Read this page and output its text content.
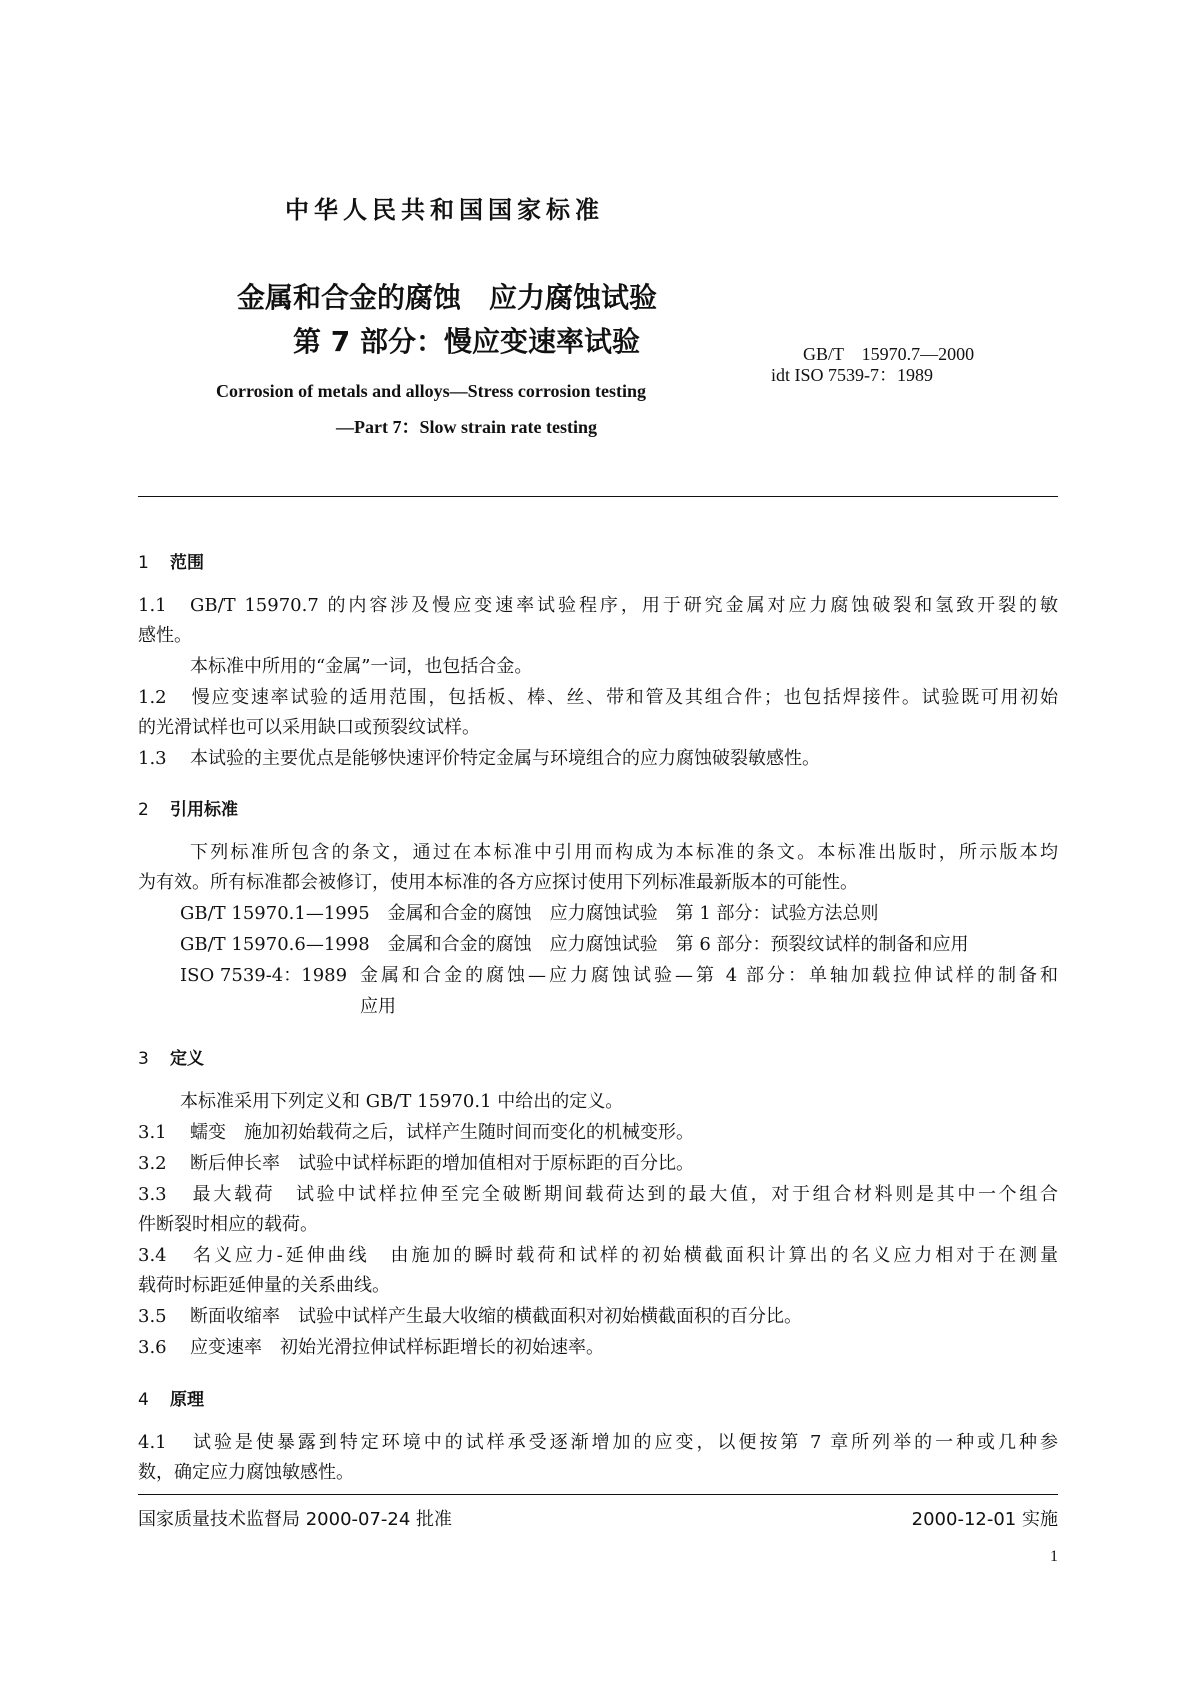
中华人民共和国国家标准
金属和合金的腐蚀　应力腐蚀试验
第 7 部分：慢应变速率试验	GB/T　15970.7—2000
idt ISO 7539-7：1989
Corrosion of metals and alloys—Stress corrosion testing
—Part 7：Slow strain rate testing
1 范围
1.1 GB/T 15970.7 的内容涉及慢应变速率试验程序，用于研究金属对应力腐蚀破裂和氢致开裂的敏
感性。
本标准中所用的“金属”一词，也包括合金。
1.2 慢应变速率试验的适用范围，包括板、棒、丝、带和管及其组合件；也包括焊接件。试验既可用初始
的光滑试样也可以采用缺口或预裂纹试样。
1.3 本试验的主要优点是能够快速评价特定金属与环境组合的应力腐蚀破裂敏感性。
2 引用标准
下列标准所包含的条文，通过在本标准中引用而构成为本标准的条文。本标准出版时，所示版本均
为有效。所有标准都会被修订，使用本标准的各方应探讨使用下列标准最新版本的可能性。
GB/T 15970.1—1995　金属和合金的腐蚀　应力腐蚀试验　第 1 部分：试验方法总则
GB/T 15970.6—1998　金属和合金的腐蚀　应力腐蚀试验　第 6 部分：预裂纹试样的制备和应用
ISO 7539-4：1989 金属和合金的腐蚀—应力腐蚀试验—第 4 部分：单轴加载拉伸试样的制备和
应用
3 定义
本标准采用下列定义和 GB/T 15970.1 中给出的定义。
3.1 蠕变　施加初始载荷之后，试样产生随时间而变化的机械变形。
3.2 断后伸长率　试验中试样标距的增加值相对于原标距的百分比。
3.3 最大载荷　试验中试样拉伸至完全破断期间载荷达到的最大值，对于组合材料则是其中一个组合
件断裂时相应的载荷。
3.4 名义应力-延伸曲线　由施加的瞬时载荷和试样的初始横截面积计算出的名义应力相对于在测量
载荷时标距延伸量的关系曲线。
3.5 断面收缩率　试验中试样产生最大收缩的横截面积对初始横截面积的百分比。
3.6 应变速率　初始光滑拉伸试样标距增长的初始速率。
4 原理
4.1 试验是使暴露到特定环境中的试样承受逐渐增加的应变，以便按第 7 章所列举的一种或几种参
数，确定应力腐蚀敏感性。
国家质量技术监督局 2000-07-24 批准	2000-12-01 实施
1
